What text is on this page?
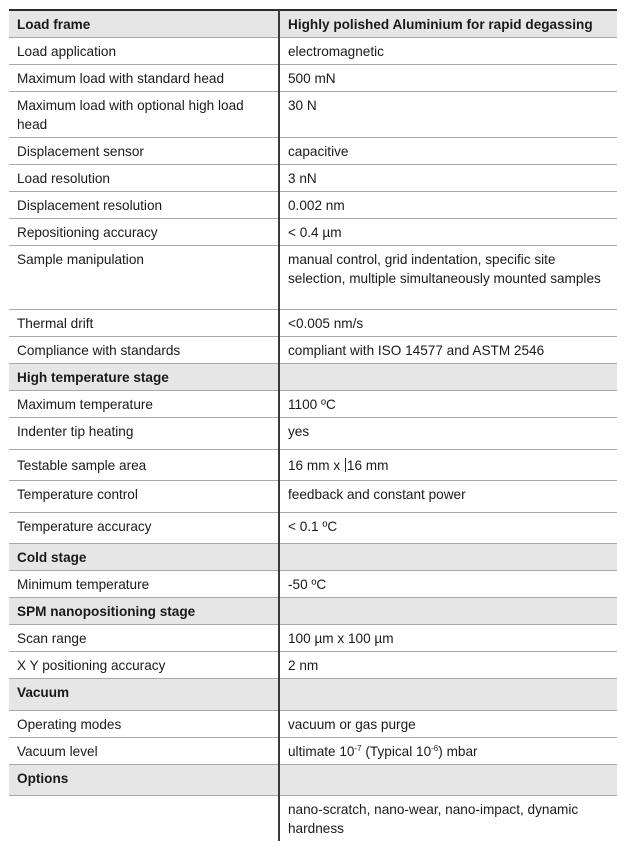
Load frame	Highly polished Aluminium for rapid degassing
Load application	electromagnetic
Maximum load with standard head	500 mN
Maximum load with optional high load head	30 N
Displacement sensor	capacitive
Load resolution	3 nN
Displacement resolution	0.002 nm
Repositioning accuracy	< 0.4 µm
Sample manipulation	manual control, grid indentation, specific site selection, multiple simultaneously mounted samples
Thermal drift	<0.005 nm/s
Compliance with standards	compliant with ISO 14577 and ASTM 2546
High temperature stage	
Maximum temperature	1100 ºC
Indenter tip heating	yes
Testable sample area	16 mm x 16 mm
Temperature control	feedback and constant power
Temperature accuracy	< 0.1 ºC
Cold stage	
Minimum temperature	-50 ºC
SPM nanopositioning stage	
Scan range	100 µm x 100 µm
X Y positioning accuracy	2 nm
Vacuum	
Operating modes	vacuum or gas purge
Vacuum level	ultimate $10^{-7}$ (Typical $10^{-6}$) mbar
Options	
	nano-scratch, nano-wear, nano-impact, dynamic hardness
